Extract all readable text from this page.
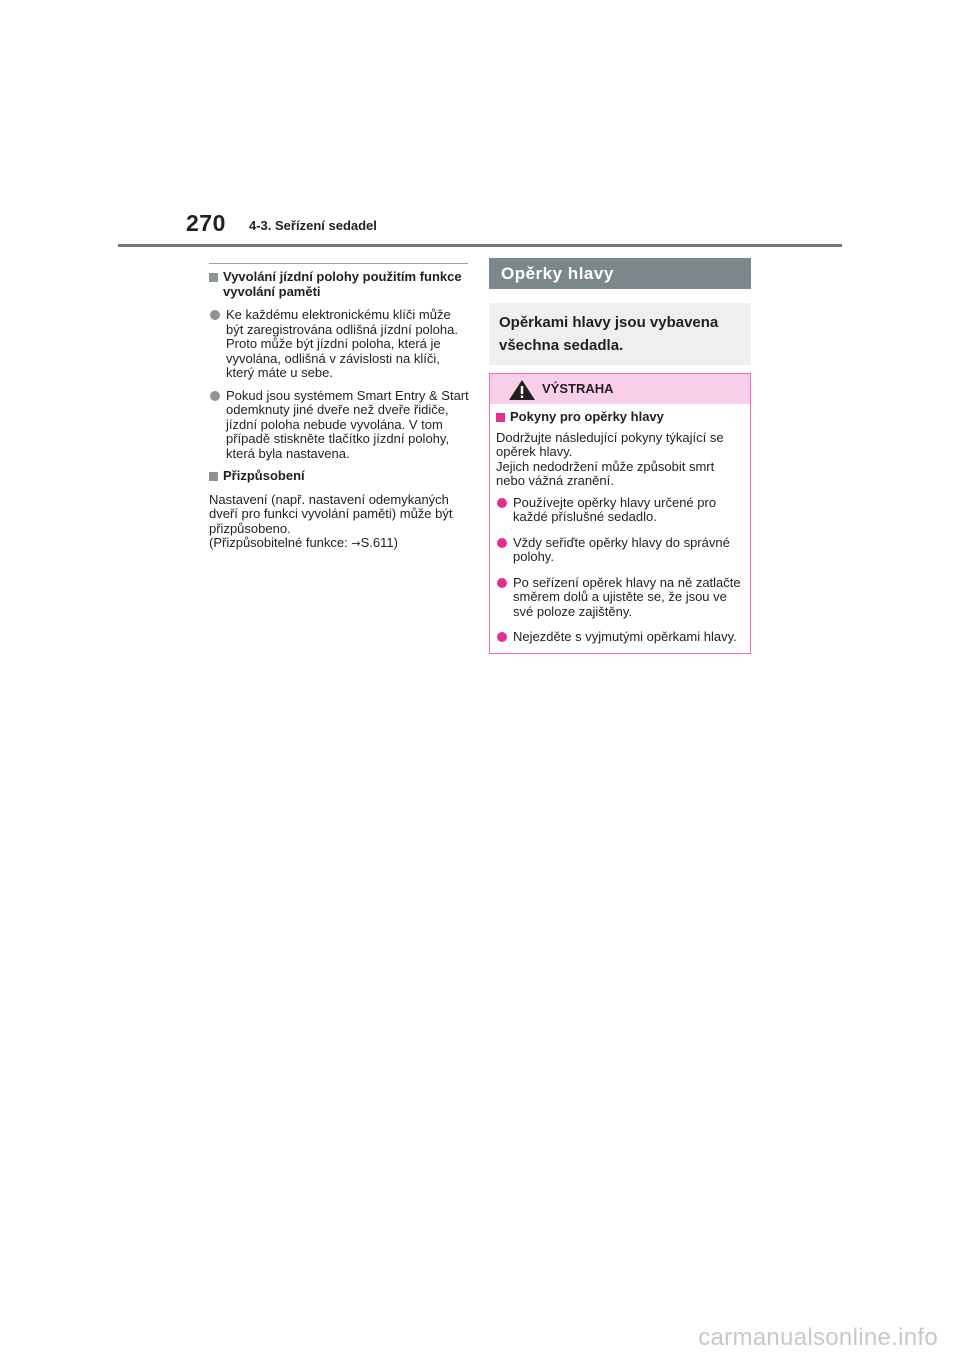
270 4-3. Seřízení sedadel
Vyvolání jízdní polohy použitím funkce vyvolání paměti
Ke každému elektronickému klíči může být zaregistrována odlišná jízdní poloha. Proto může být jízdní poloha, která je vyvolána, odlišná v závislosti na klíči, který máte u sebe.
Pokud jsou systémem Smart Entry & Start odemknuty jiné dveře než dveře řidiče, jízdní poloha nebude vyvolána. V tom případě stiskněte tlačítko jízdní polohy, která byla nastavena.
Přizpůsobení
Nastavení (např. nastavení odemykaných dveří pro funkci vyvolání paměti) může být přizpůsobeno.
(Přizpůsobitelné funkce: →S.611)
Opěrky hlavy
Opěrkami hlavy jsou vybavena všechna sedadla.
VÝSTRAHA
Pokyny pro opěrky hlavy
Dodržujte následující pokyny týkající se opěrek hlavy.
Jejich nedodržení může způsobit smrt nebo vážná zranění.
Používejte opěrky hlavy určené pro každé příslušné sedadlo.
Vždy seřiďte opěrky hlavy do správné polohy.
Po seřízení opěrek hlavy na ně zatlačte směrem dolů a ujistěte se, že jsou ve své poloze zajištěny.
Nejezděte s vyjmutými opěrkami hlavy.
carmanualsonline.info
